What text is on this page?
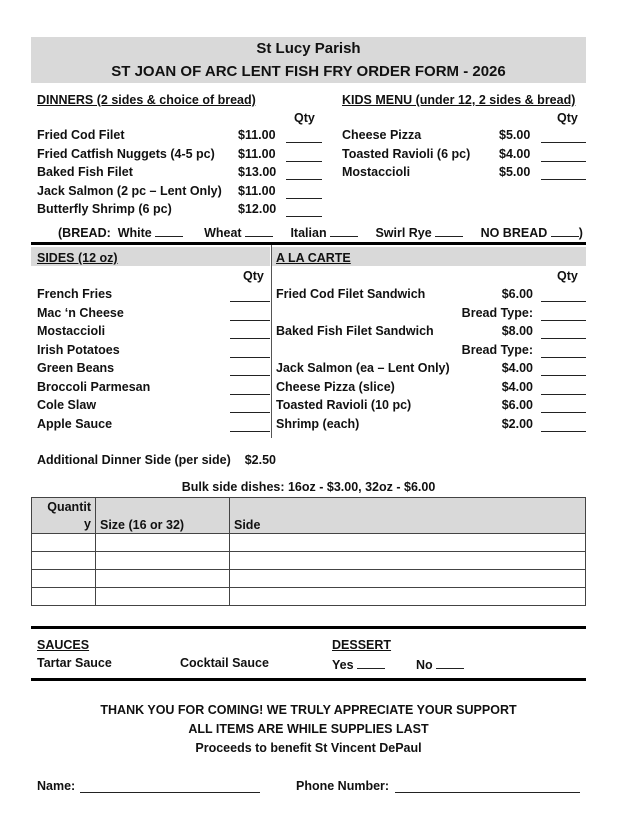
St Lucy Parish
ST JOAN OF ARC LENT FISH FRY ORDER FORM - 2026
DINNERS (2 sides & choice of bread)
Qty
Fried Cod Filet	$11.00
Fried Catfish Nuggets (4-5 pc) $11.00
Baked Fish Filet	$13.00
Jack Salmon (2 pc – Lent Only) $11.00
Butterfly Shrimp (6 pc)	$12.00
KIDS MENU (under 12, 2 sides & bread)
Qty
Cheese Pizza	$5.00
Toasted Ravioli (6 pc) $4.00
Mostaccioli	$5.00
(BREAD: White	Wheat	Italian	Swirl Rye	NO BREAD	)
SIDES (12 oz)
Qty
French Fries
Mac ‘n Cheese
Mostaccioli
Irish Potatoes
Green Beans
Broccoli Parmesan
Cole Slaw
Apple Sauce
A LA CARTE
Qty
Fried Cod Filet Sandwich	$6.00
Bread Type:
Baked Fish Filet Sandwich	$8.00
Bread Type:
Jack Salmon (ea – Lent Only)	$4.00
Cheese Pizza (slice)	$4.00
Toasted Ravioli (10 pc)	$6.00
Shrimp (each)	$2.00
Additional Dinner Side (per side) $2.50
Bulk side dishes: 16oz - $3.00, 32oz - $6.00
Quantit
y	Size (16 or 32)	Side

SAUCES
Tartar Sauce	Cocktail Sauce
DESSERT
Yes	No
THANK YOU FOR COMING! WE TRULY APPRECIATE YOUR SUPPORT
ALL ITEMS ARE WHILE SUPPLIES LAST
Proceeds to benefit St Vincent DePaul
Name:	Phone Number:
